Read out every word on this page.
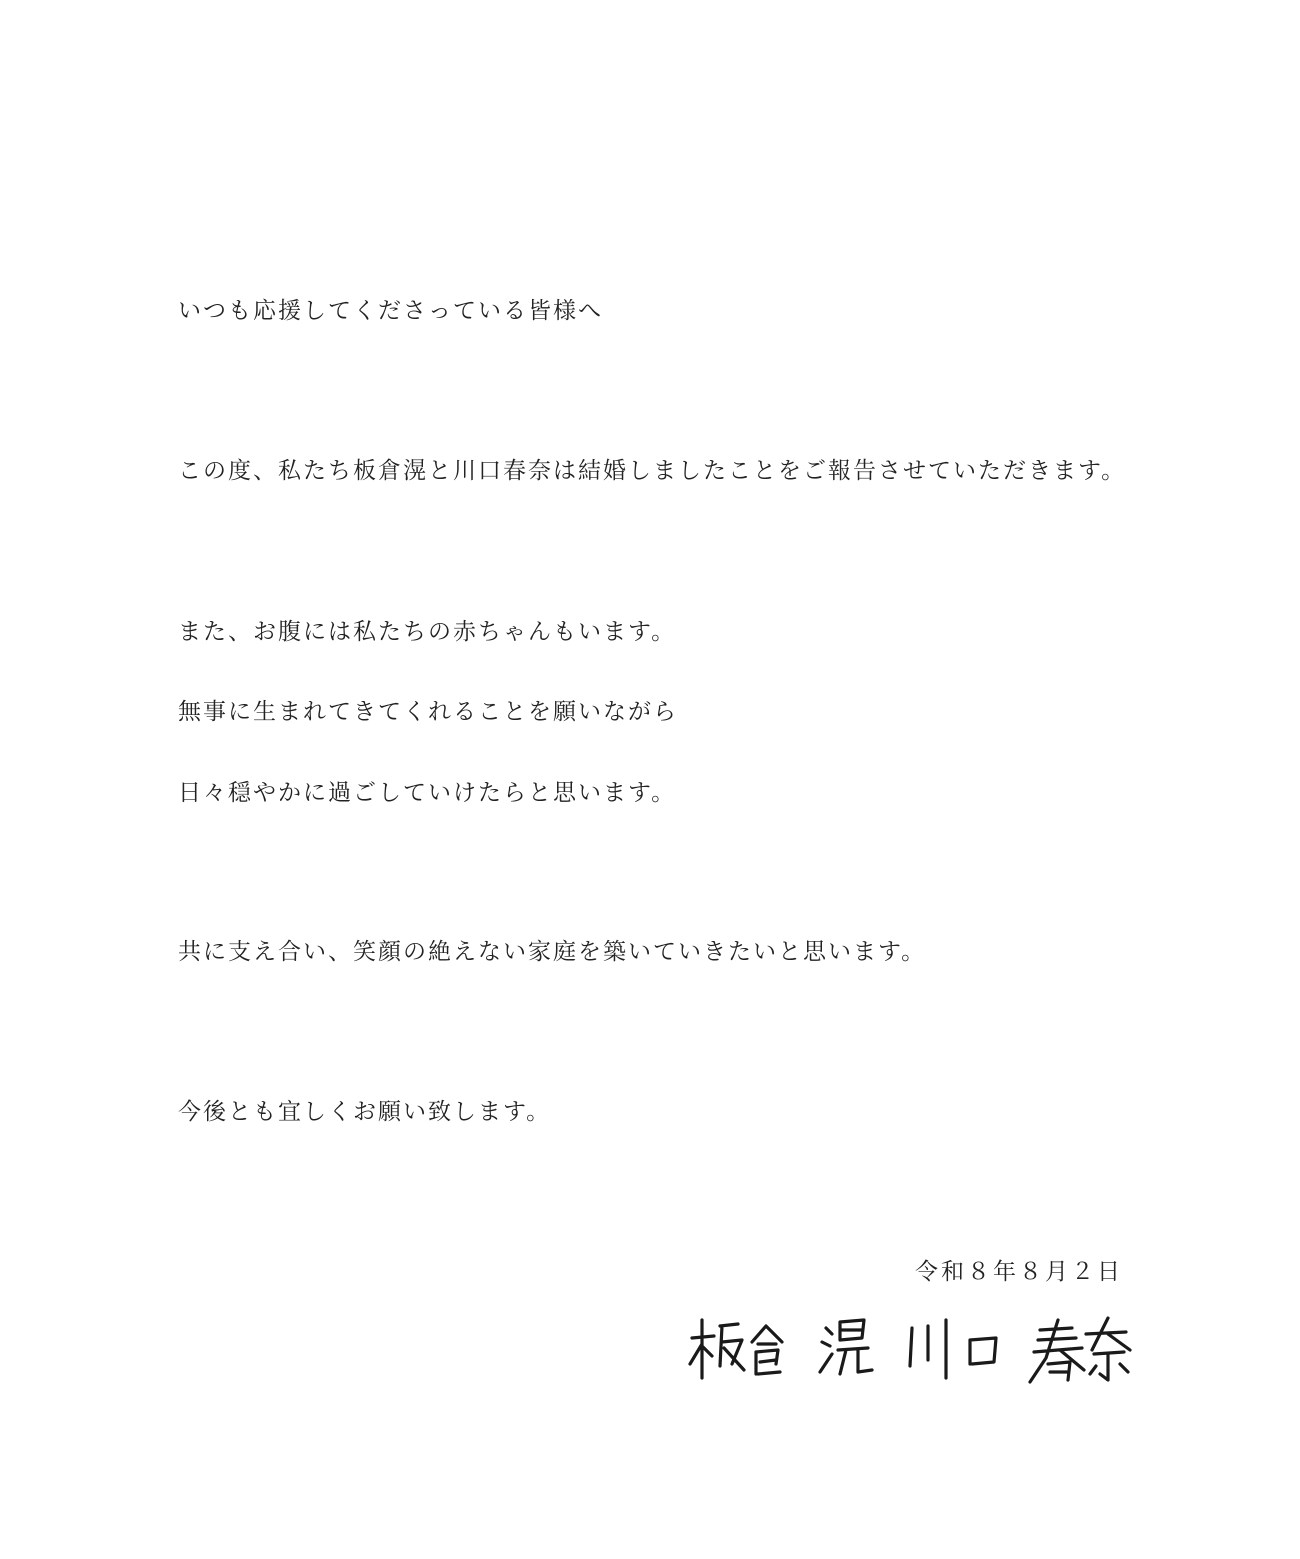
いつも応援してくださっている皆様へ
この度、私たち板倉滉と川口春奈は結婚しましたことをご報告させていただきます。
また、お腹には私たちの赤ちゃんもいます。
無事に生まれてきてくれることを願いながら
日々穏やかに過ごしていけたらと思います。
共に支え合い、笑顔の絶えない家庭を築いていきたいと思います。
今後とも宜しくお願い致します。
令和８年８月２日
